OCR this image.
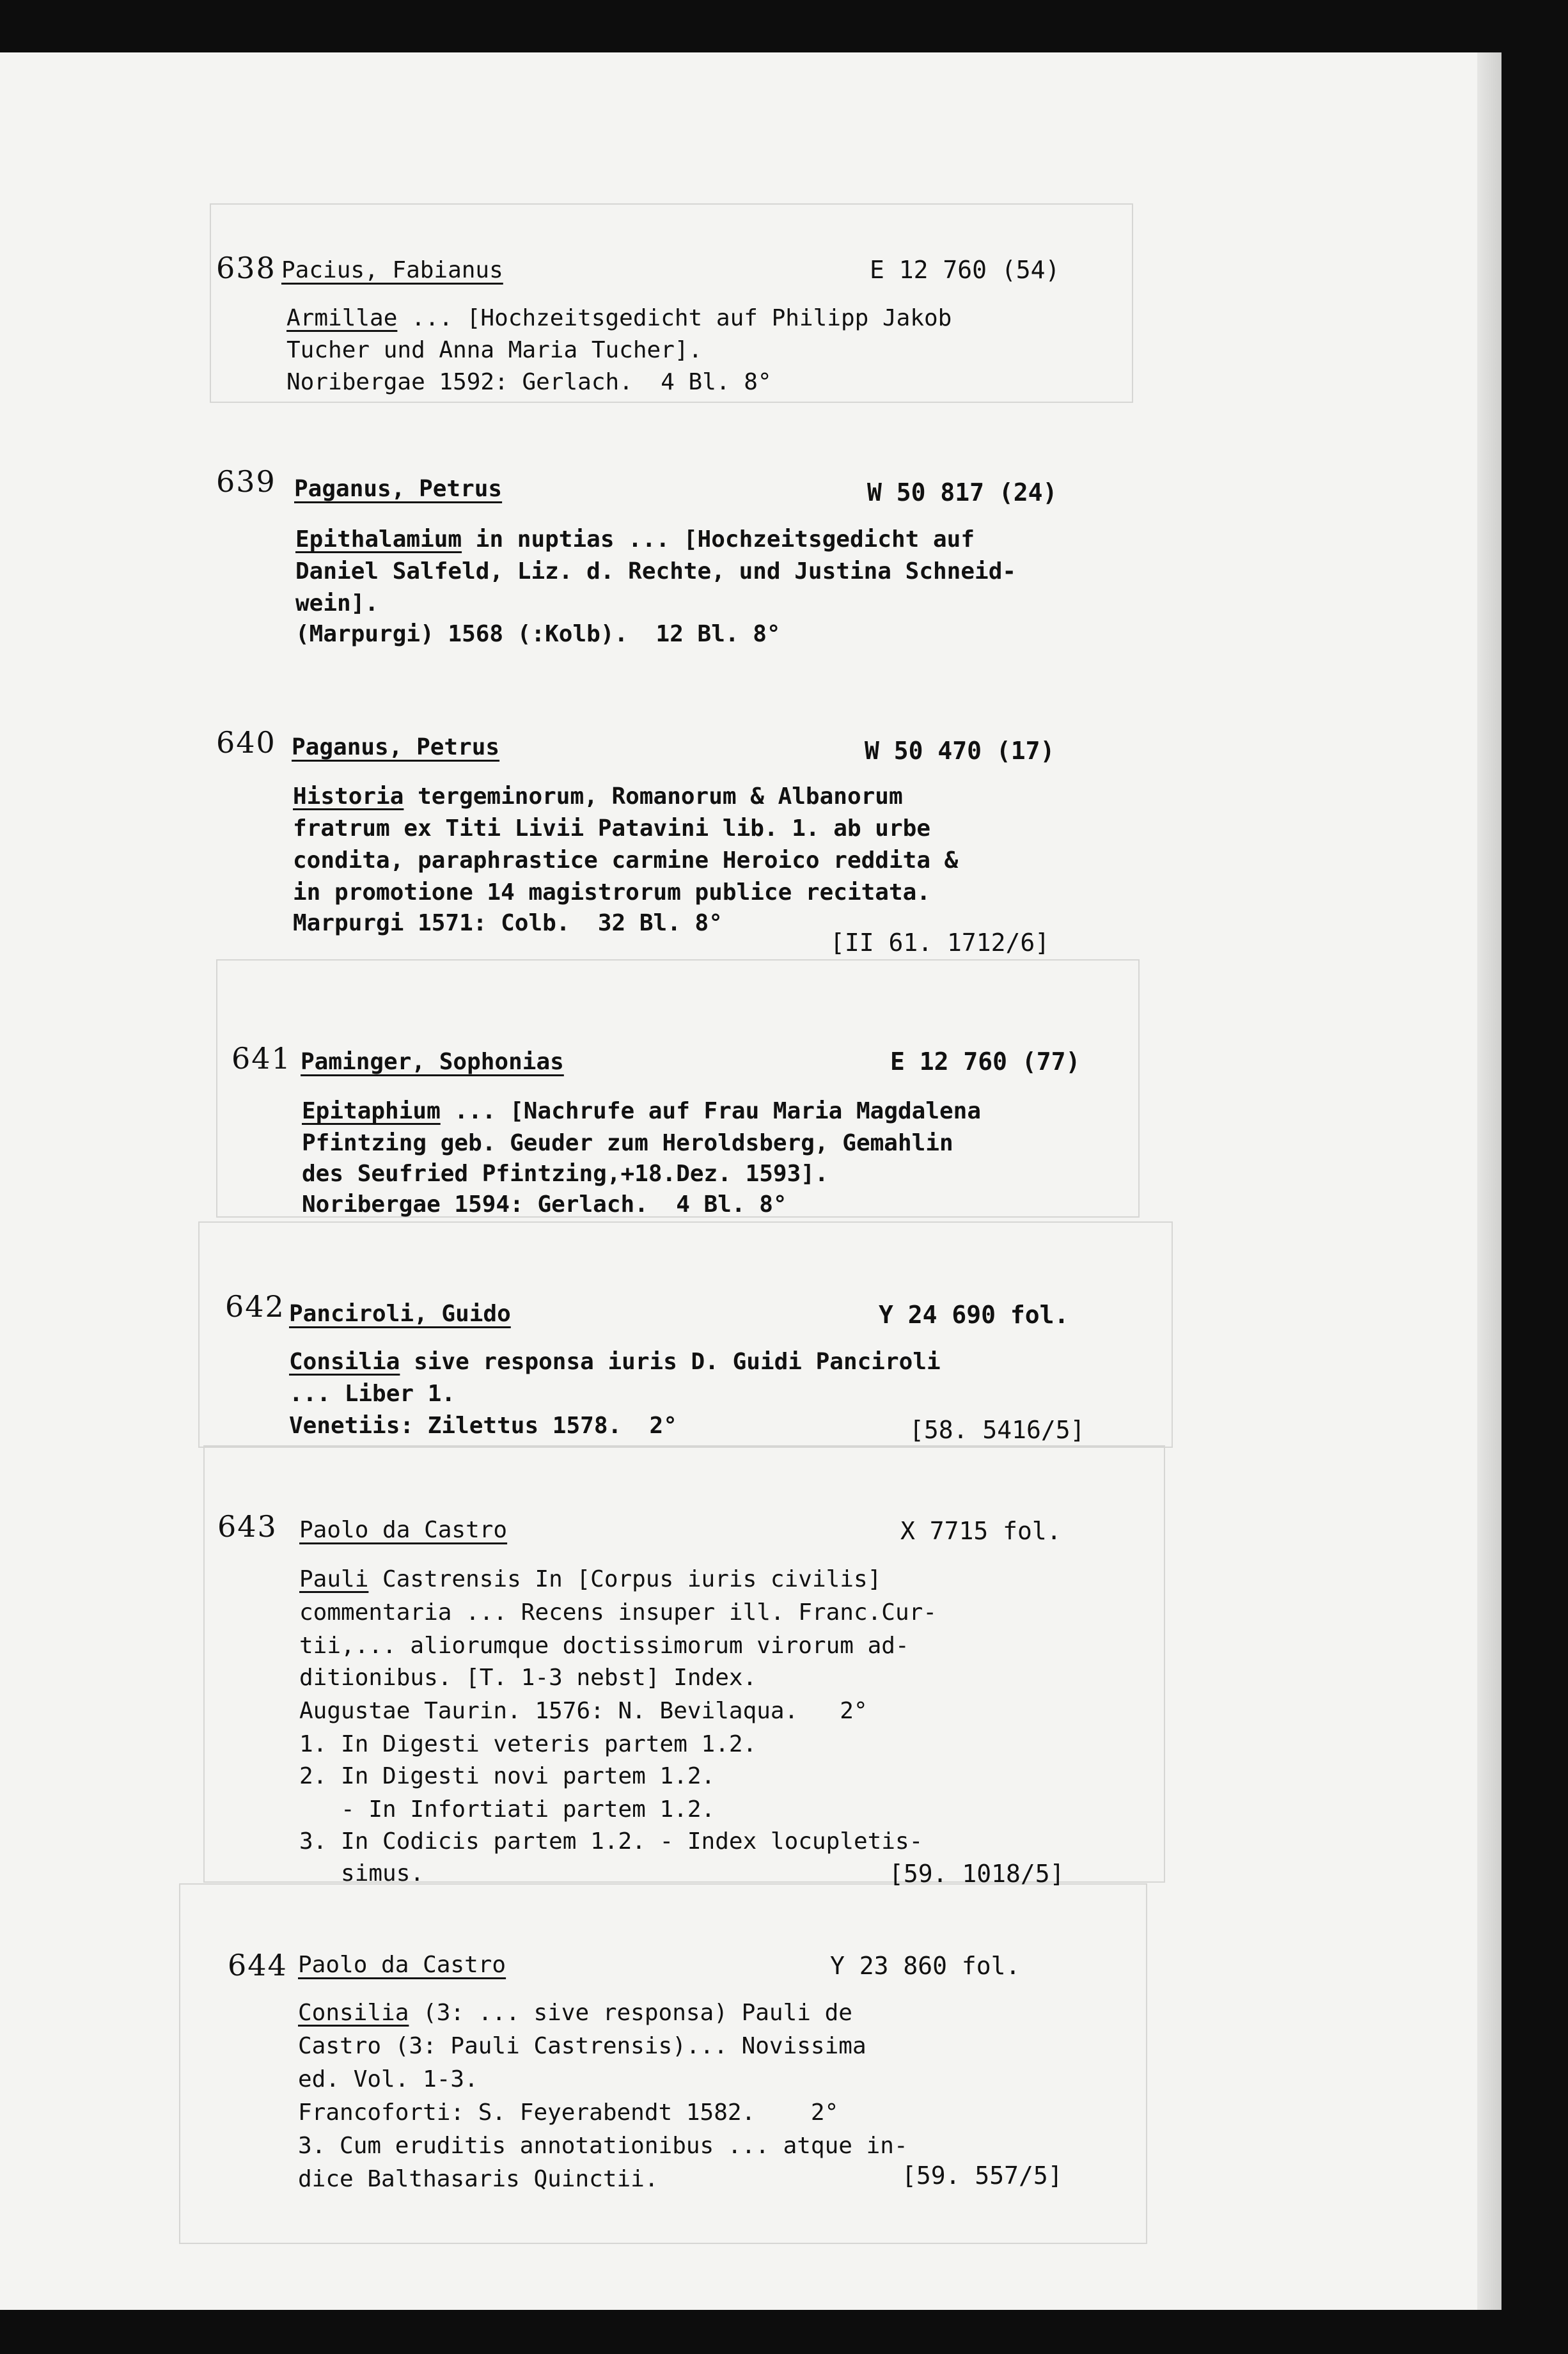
638 Pacius, Fabianus	E 12 760 (54)
Armillae ... [Hochzeitsgedicht auf Philipp Jakob
Tucher und Anna Maria Tucher].
Noribergae 1592: Gerlach.  4 Bl. 8°
639 Paganus, Petrus	W 50 817 (24)
Epithalamium in nuptias ... [Hochzeitsgedicht auf
Daniel Salfeld, Liz. d. Rechte, und Justina Schneid-
wein].
(Marpurgi) 1568 (:Kolb).  12 Bl. 8°
640 Paganus, Petrus	W 50 470 (17)
Historia tergeminorum, Romanorum & Albanorum
fratrum ex Titi Livii Patavini lib. 1. ab urbe
condita, paraphrastice carmine Heroico reddita &
in promotione 14 magistrorum publice recitata.
Marpurgi 1571: Colb.  32 Bl. 8°
[II 61. 1712/6]
641 Paminger, Sophonias	E 12 760 (77)
Epitaphium ... [Nachrufe auf Frau Maria Magdalena
Pfintzing geb. Geuder zum Heroldsberg, Gemahlin
des Seufried Pfintzing,+18.Dez. 1593].
Noribergae 1594: Gerlach.  4 Bl. 8°
642 Panciroli, Guido	Y 24 690 fol.
Consilia sive responsa iuris D. Guidi Panciroli
... Liber 1.
Venetiis: Zilettus 1578.  2°	[58. 5416/5]
643 Paolo da Castro	X 7715 fol.
Pauli Castrensis In [Corpus iuris civilis]
commentaria ... Recens insuper ill. Franc.Cur-
tii,... aliorumque doctissimorum virorum ad-
ditionibus. [T. 1-3 nebst] Index.
Augustae Taurin. 1576: N. Bevilaqua.   2°
1. In Digesti veteris partem 1.2.
2. In Digesti novi partem 1.2.
- In Infortiati partem 1.2.
3. In Codicis partem 1.2. - Index locupletis-
simus.	[59. 1018/5]
644 Paolo da Castro	Y 23 860 fol.
Consilia (3: ... sive responsa) Pauli de
Castro (3: Pauli Castrensis)... Novissima
ed. Vol. 1-3.
Francoforti: S. Feyerabendt 1582.    2°
3. Cum eruditis annotationibus ... atque in-
dice Balthasaris Quinctii.	[59. 557/5]
